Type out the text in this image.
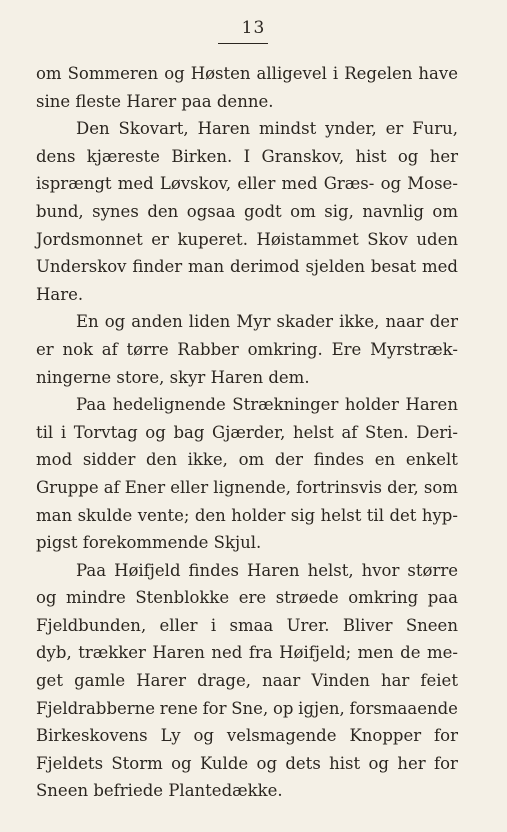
13
om Sommeren og Høsten alligevel i Regelen have
sine fleste Harer paa denne.
Den Skovart, Haren mindst ynder, er Furu,
dens kjæreste Birken. I Granskov, hist og her
isprængt med Løvskov, eller med Græs- og Mose-
bund, synes den ogsaa godt om sig, navnlig om
Jordsmonnet er kuperet. Høistammet Skov uden
Underskov finder man derimod sjelden besat med
Hare.
En og anden liden Myr skader ikke, naar der
er nok af tørre Rabber omkring. Ere Myrstræk-
ningerne store, skyr Haren dem.
Paa hedelignende Strækninger holder Haren
til i Torvtag og bag Gjærder, helst af Sten. Deri-
mod sidder den ikke, om der findes en enkelt
Gruppe af Ener eller lignende, fortrinsvis der, som
man skulde vente; den holder sig helst til det hyp-
pigst forekommende Skjul.
Paa Høifjeld findes Haren helst, hvor større
og mindre Stenblokke ere strøede omkring paa
Fjeldbunden, eller i smaa Urer. Bliver Sneen
dyb, trækker Haren ned fra Høifjeld; men de me-
get gamle Harer drage, naar Vinden har feiet
Fjeldrabberne rene for Sne, op igjen, forsmaaende
Birkeskovens Ly og velsmagende Knopper for
Fjeldets Storm og Kulde og dets hist og her for
Sneen befriede Plantedække.
